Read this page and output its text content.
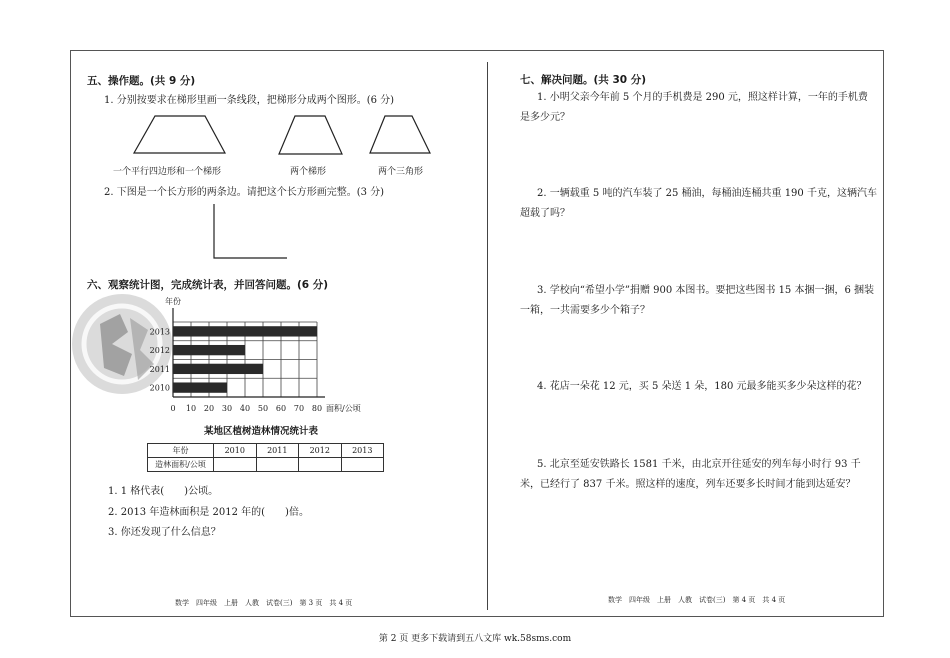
五、操作题。(共 9 分)
1. 分别按要求在梯形里画一条线段，把梯形分成两个图形。(6 分)
一个平行四边形和一个梯形	两个梯形	两个三角形
2. 下图是一个长方形的两条边。请把这个长方形画完整。(3 分)
六、观察统计图，完成统计表，并回答问题。(6 分)
年份
面积/公顷
0 10 20 30 40 50 60 70 80
2013
2012
2011
2010
某地区植树造林情况统计表
年份	2010	2011	2012	2013
造林面积/公顷				
1. 1 格代表(　　)公顷。
2. 2013 年造林面积是 2012 年的(　　)倍。
3. 你还发现了什么信息？
数学　四年级　上册　人教　试卷(三)　第 3 页　共 4 页
七、解决问题。(共 30 分)
1. 小明父亲今年前 5 个月的手机费是 290 元，照这样计算，一年的手机费
是多少元？
2. 一辆载重 5 吨的汽车装了 25 桶油，每桶油连桶共重 190 千克，这辆汽车
超载了吗？
3. 学校向“希望小学”捐赠 900 本图书。要把这些图书 15 本捆一捆，6 捆装
一箱，一共需要多少个箱子？
4. 花店一朵花 12 元，买 5 朵送 1 朵，180 元最多能买多少朵这样的花？
5. 北京至延安铁路长 1581 千米，由北京开往延安的列车每小时行 93 千
米，已经行了 837 千米。照这样的速度，列车还要多长时间才能到达延安？
数学　四年级　上册　人教　试卷(三)　第 4 页　共 4 页
第 2 页 更多下载请到五八文库 wk.58sms.com
